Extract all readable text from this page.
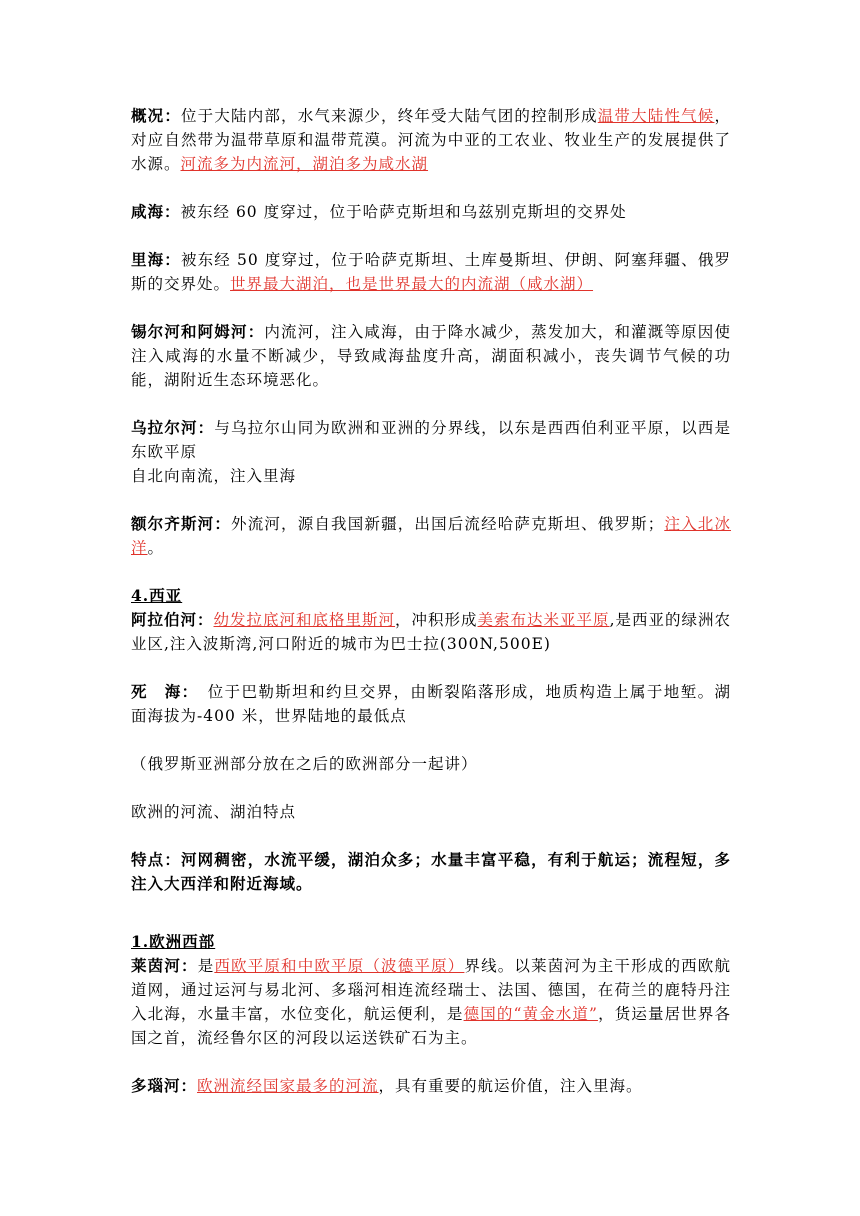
概况：位于大陆内部，水气来源少，终年受大陆气团的控制形成温带大陆性气候，对应自然带为温带草原和温带荒漠。河流为中亚的工农业、牧业生产的发展提供了水源。河流多为内流河，湖泊多为咸水湖

咸海：被东经 60 度穿过，位于哈萨克斯坦和乌兹别克斯坦的交界处

里海：被东经 50 度穿过，位于哈萨克斯坦、土库曼斯坦、伊朗、阿塞拜疆、俄罗斯的交界处。世界最大湖泊，也是世界最大的内流湖（咸水湖）

锡尔河和阿姆河：内流河，注入咸海，由于降水减少，蒸发加大，和灌溉等原因使注入咸海的水量不断减少，导致咸海盐度升高，湖面积减小，丧失调节气候的功能，湖附近生态环境恶化。

乌拉尔河：与乌拉尔山同为欧洲和亚洲的分界线，以东是西西伯利亚平原，以西是东欧平原
自北向南流，注入里海

额尔齐斯河：外流河，源自我国新疆，出国后流经哈萨克斯坦、俄罗斯；注入北冰洋。

4.西亚

阿拉伯河：幼发拉底河和底格里斯河，冲积形成美索布达米亚平原,是西亚的绿洲农业区,注入波斯湾,河口附近的城市为巴士拉(300N,500E)

死　海：　位于巴勒斯坦和约旦交界，由断裂陷落形成，地质构造上属于地堑。湖面海拔为-400 米，世界陆地的最低点

（俄罗斯亚洲部分放在之后的欧洲部分一起讲）

欧洲的河流、湖泊特点

特点：河网稠密，水流平缓，湖泊众多；水量丰富平稳，有利于航运；流程短，多注入大西洋和附近海域。

1.欧洲西部

莱茵河：是西欧平原和中欧平原（波德平原）界线。以莱茵河为主干形成的西欧航道网，通过运河与易北河、多瑙河相连流经瑞士、法国、德国，在荷兰的鹿特丹注入北海，水量丰富，水位变化，航运便利，是德国的“黄金水道”，货运量居世界各国之首，流经鲁尔区的河段以运送铁矿石为主。

多瑙河：欧洲流经国家最多的河流，具有重要的航运价值，注入里海。
